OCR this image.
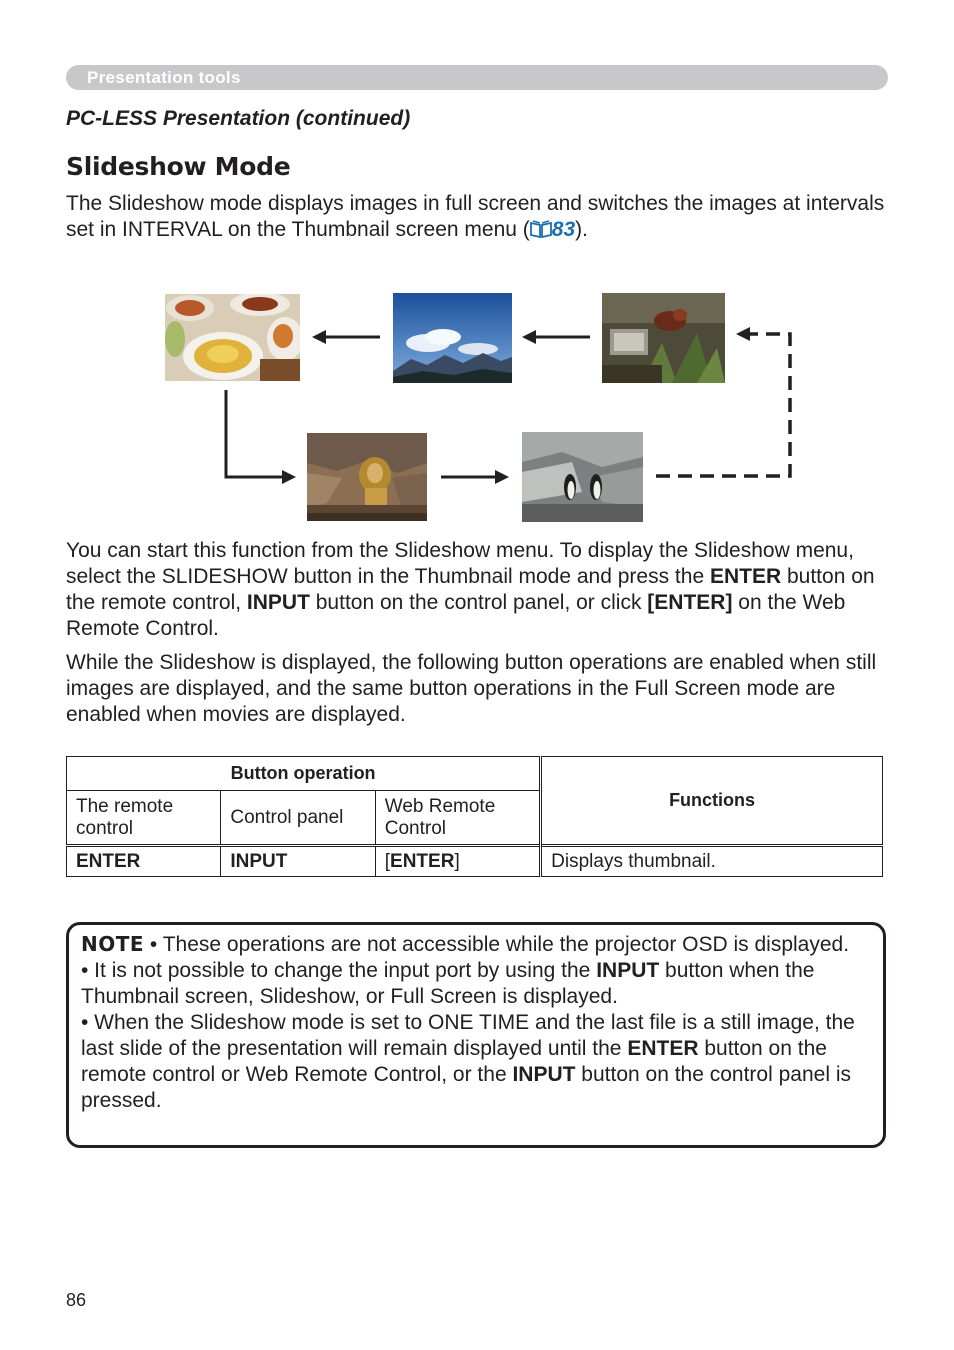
Presentation tools
PC-LESS Presentation (continued)
Slideshow Mode

The Slideshow mode displays images in full screen and switches the images at intervals set in INTERVAL on the Thumbnail screen menu ( 83).

You can start this function from the Slideshow menu. To display the Slideshow menu, select the SLIDESHOW button in the Thumbnail mode and press the ENTER button on the remote control, INPUT button on the control panel, or click [ENTER] on the Web Remote Control.

While the Slideshow is displayed, the following button operations are enabled when still images are displayed, and the same button operations in the Full Screen mode are enabled when movies are displayed.

Button operation			Functions
The remote control	Control panel	Web Remote Control	
ENTER	INPUT	[ENTER]	Displays thumbnail.
NOTE • These operations are not accessible while the projector OSD is displayed.
• It is not possible to change the input port by using the INPUT button when the Thumbnail screen, Slideshow, or Full Screen is displayed.
• When the Slideshow mode is set to ONE TIME and the last file is a still image, the last slide of the presentation will remain displayed until the ENTER button on the remote control or Web Remote Control, or the INPUT button on the control panel is pressed.
86
